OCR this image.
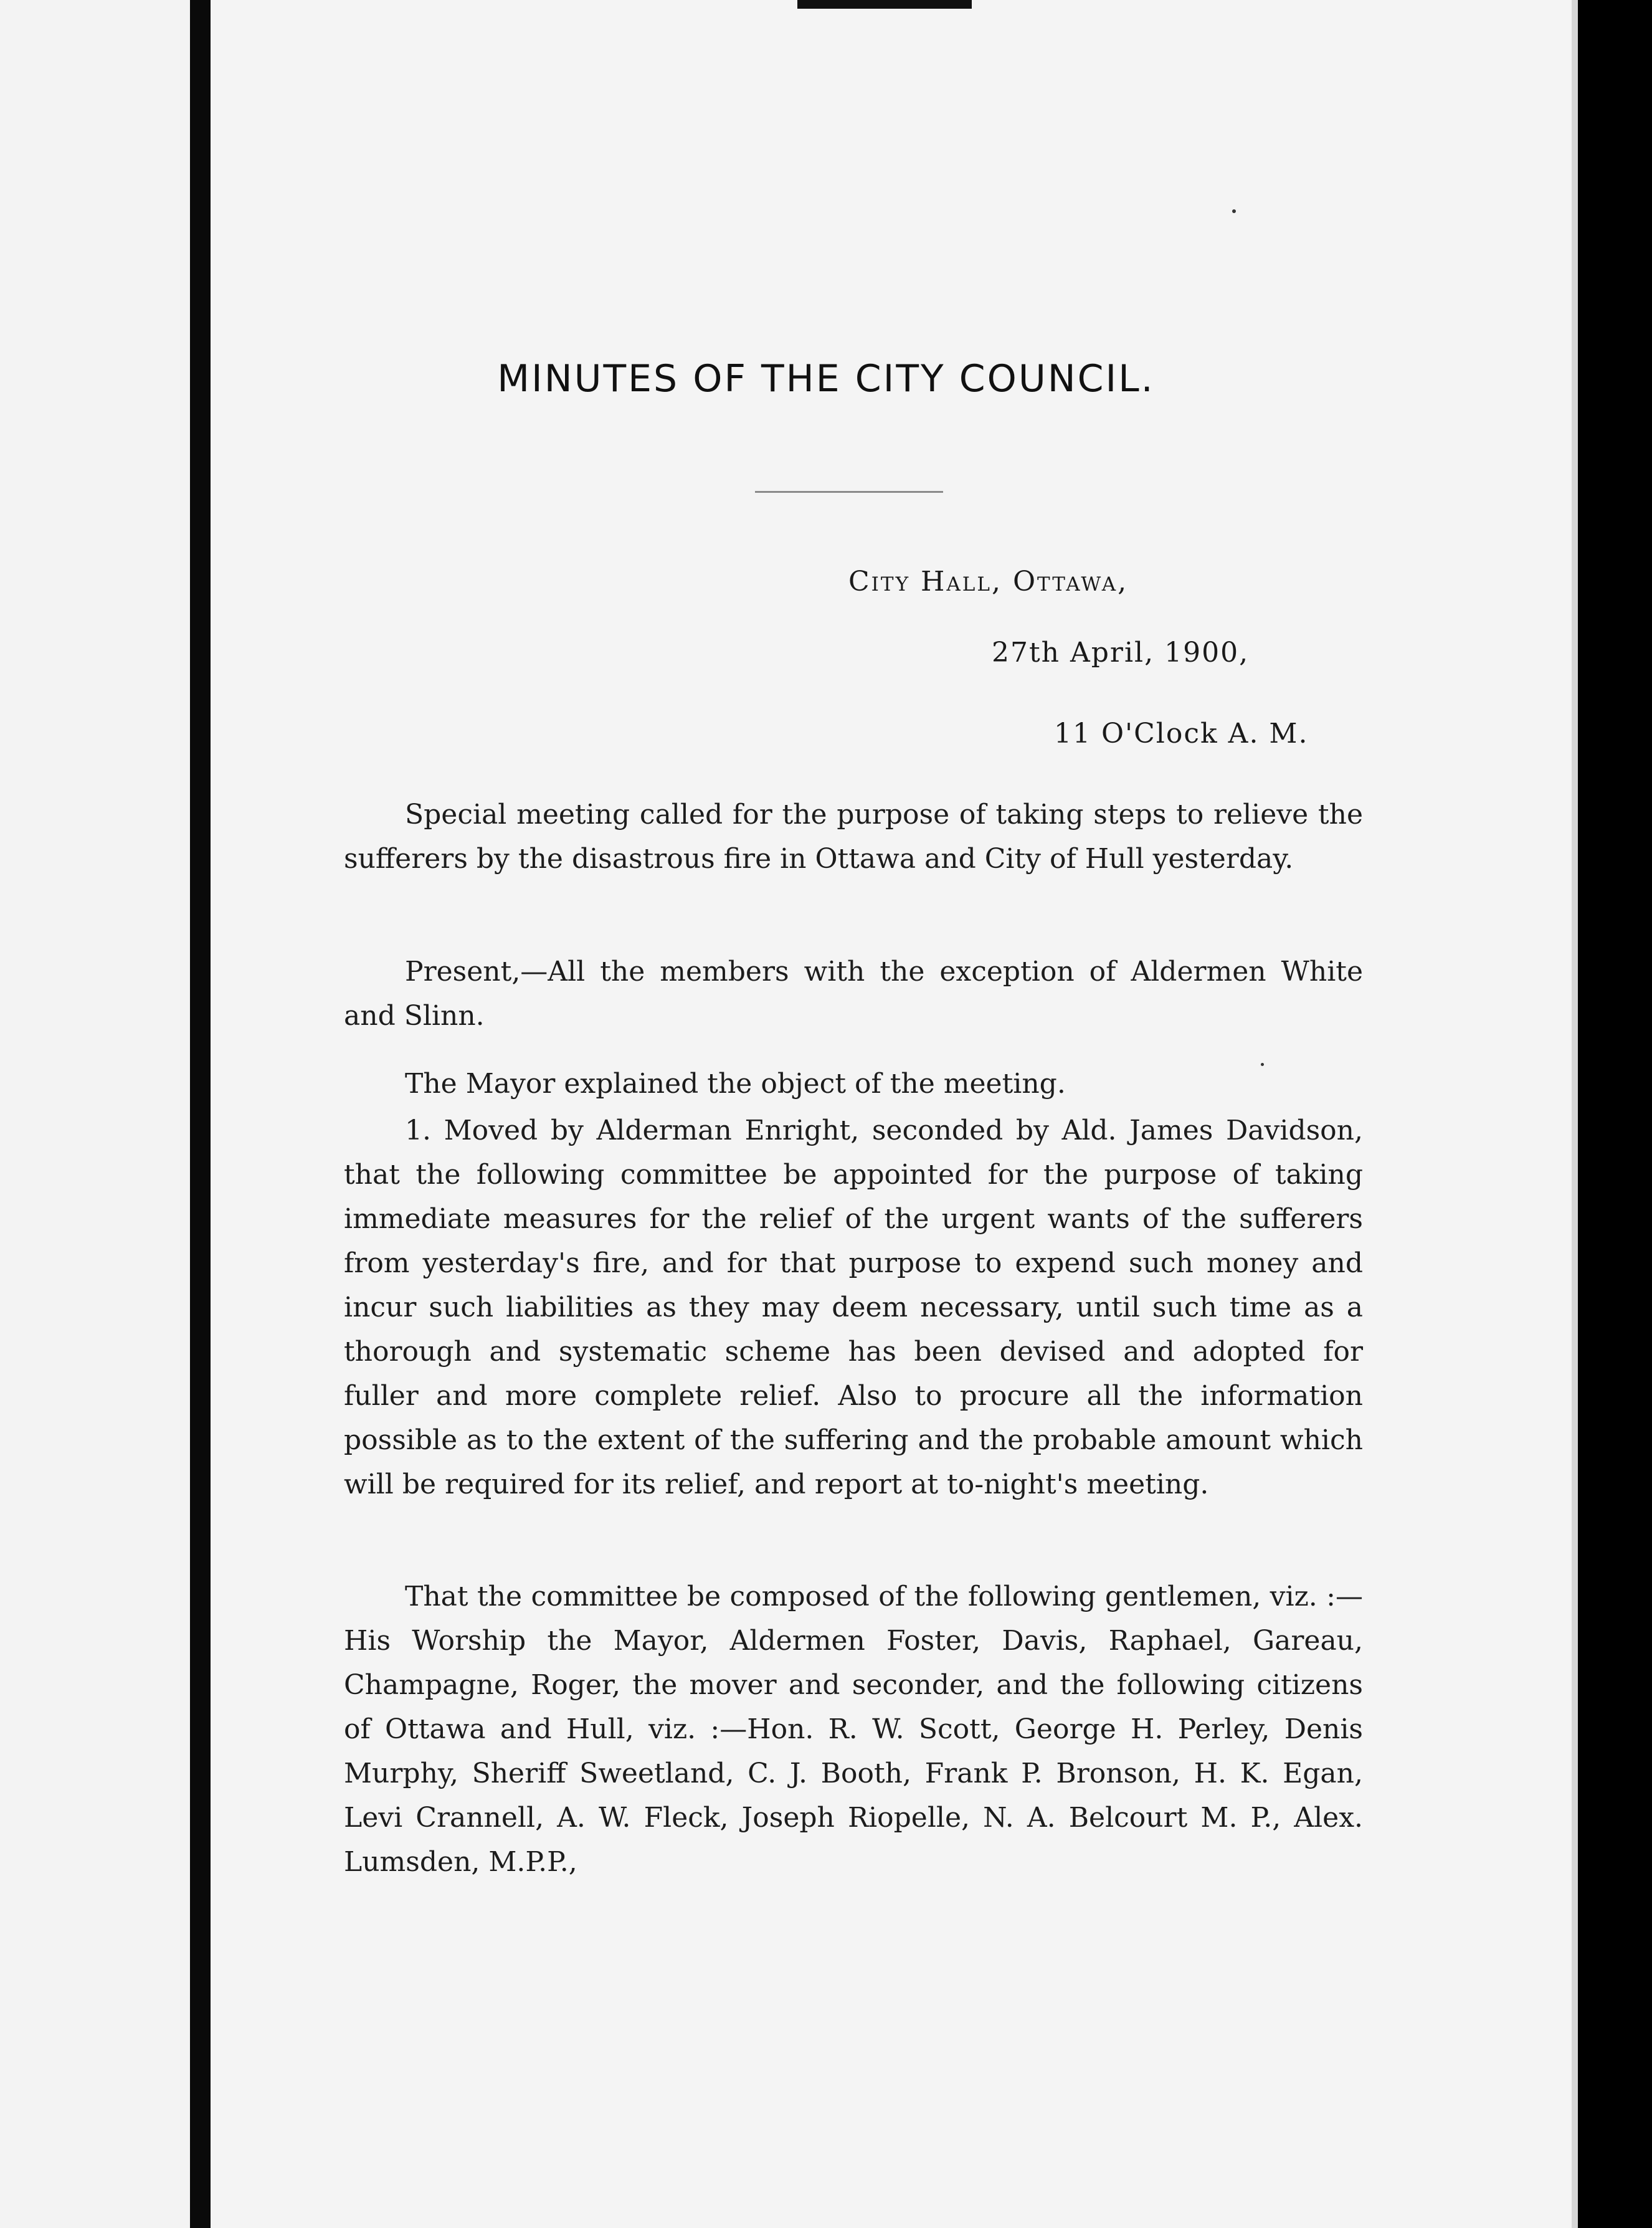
MINUTES OF THE CITY COUNCIL.

City Hall, Ottawa,

27th April, 1900,

11 O'Clock A. M.

Special meeting called for the purpose of taking steps to relieve the sufferers by the disastrous fire in Ottawa and City of Hull yesterday.

Present,—All the members with the exception of Aldermen White and Slinn.

The Mayor explained the object of the meeting.

1. Moved by Alderman Enright, seconded by Ald. James Davidson, that the following committee be appointed for the purpose of taking immediate measures for the relief of the urgent wants of the sufferers from yesterday's fire, and for that purpose to expend such money and incur such liabilities as they may deem necessary, until such time as a thorough and systematic scheme has been devised and adopted for fuller and more complete relief. Also to procure all the information possible as to the extent of the suffering and the probable amount which will be required for its relief, and report at to-night's meeting.

That the committee be composed of the following gentlemen, viz. :—His Worship the Mayor, Aldermen Foster, Davis, Raphael, Gareau, Champagne, Roger, the mover and seconder, and the following citizens of Ottawa and Hull, viz. :—Hon. R. W. Scott, George H. Perley, Denis Murphy, Sheriff Sweetland, C. J. Booth, Frank P. Bronson, H. K. Egan, Levi Crannell, A. W. Fleck, Joseph Riopelle, N. A. Belcourt M. P., Alex. Lumsden, M.P.P.,
